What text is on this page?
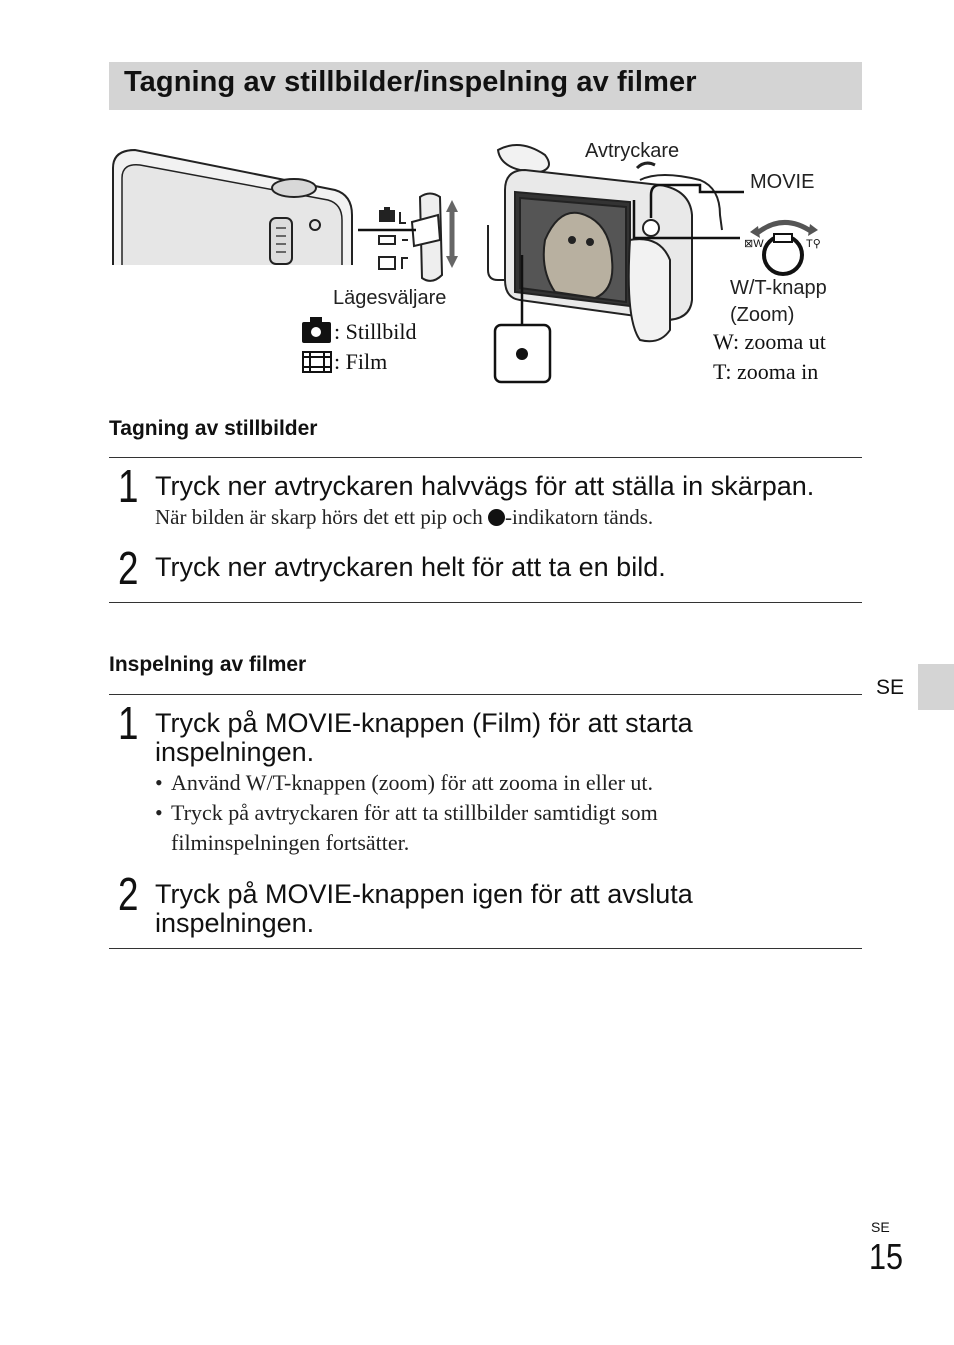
Tagning av stillbilder/inspelning av filmer
⊠W	T⚲
Lägesväljare
: Stillbild
: Film
Avtryckare
MOVIE
W/T-knapp
(Zoom)
W: zooma ut
T: zooma in
Tagning av stillbilder
1 Tryck ner avtryckaren halvvägs för att ställa in skärpan.
När bilden är skarp hörs det ett pip och -indikatorn tänds.
2 Tryck ner avtryckaren helt för att ta en bild.
Inspelning av filmer
1 Tryck på MOVIE-knappen (Film) för att starta inspelningen.
• Använd W/T-knappen (zoom) för att zooma in eller ut.
• Tryck på avtryckaren för att ta stillbilder samtidigt som filminspelningen fortsätter.
2 Tryck på MOVIE-knappen igen för att avsluta inspelningen.
SE
SE
15
